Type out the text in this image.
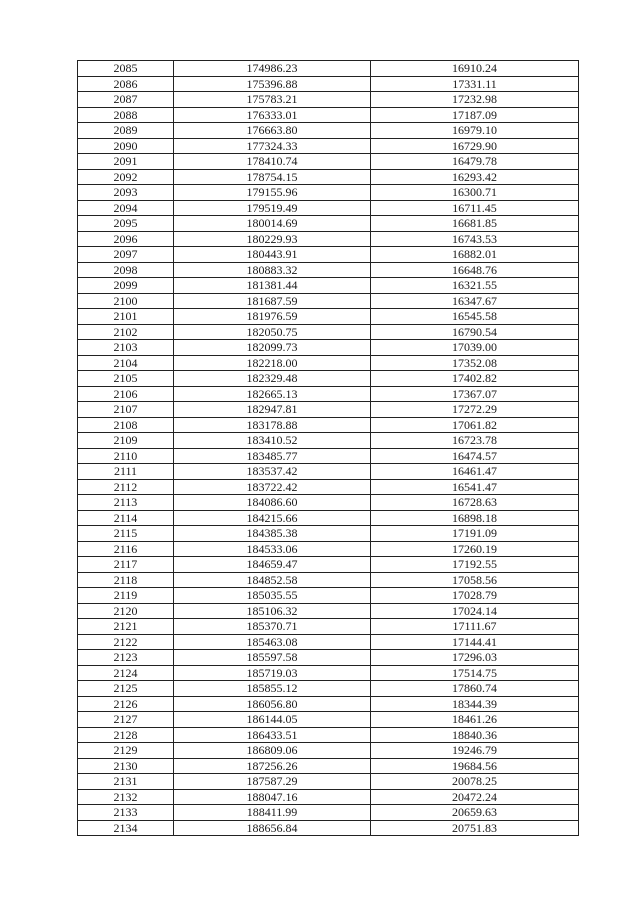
2085	174986.23	16910.24
2086	175396.88	17331.11
2087	175783.21	17232.98
2088	176333.01	17187.09
2089	176663.80	16979.10
2090	177324.33	16729.90
2091	178410.74	16479.78
2092	178754.15	16293.42
2093	179155.96	16300.71
2094	179519.49	16711.45
2095	180014.69	16681.85
2096	180229.93	16743.53
2097	180443.91	16882.01
2098	180883.32	16648.76
2099	181381.44	16321.55
2100	181687.59	16347.67
2101	181976.59	16545.58
2102	182050.75	16790.54
2103	182099.73	17039.00
2104	182218.00	17352.08
2105	182329.48	17402.82
2106	182665.13	17367.07
2107	182947.81	17272.29
2108	183178.88	17061.82
2109	183410.52	16723.78
2110	183485.77	16474.57
2111	183537.42	16461.47
2112	183722.42	16541.47
2113	184086.60	16728.63
2114	184215.66	16898.18
2115	184385.38	17191.09
2116	184533.06	17260.19
2117	184659.47	17192.55
2118	184852.58	17058.56
2119	185035.55	17028.79
2120	185106.32	17024.14
2121	185370.71	17111.67
2122	185463.08	17144.41
2123	185597.58	17296.03
2124	185719.03	17514.75
2125	185855.12	17860.74
2126	186056.80	18344.39
2127	186144.05	18461.26
2128	186433.51	18840.36
2129	186809.06	19246.79
2130	187256.26	19684.56
2131	187587.29	20078.25
2132	188047.16	20472.24
2133	188411.99	20659.63
2134	188656.84	20751.83
